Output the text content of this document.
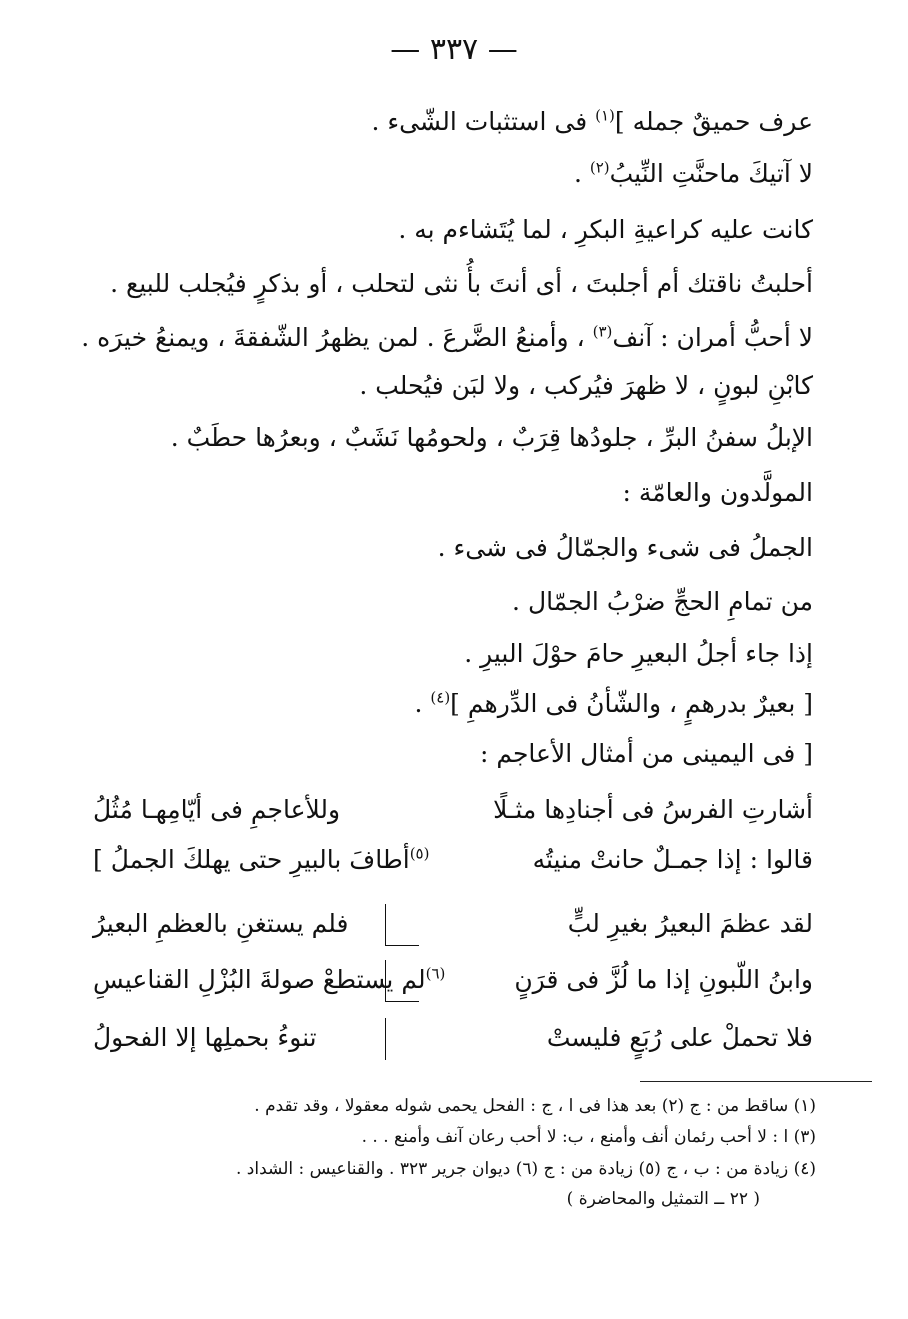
— ٣٣٧ —
عرف حميقٌ جمله ]$^{(١)}$ فى استثبات الشّىء .
لا آتيكَ ماحنَّتِ النِّيبُ$^{(٢)}$ .
كانت عليه كراعيةِ البكرِ ، لما يُتَشاءم به .
أحلبتُ ناقتك أم أجلبتَ ، أى أنتَ بأُ نثى لتحلب ، أو بذكرٍ فيُجلب للبيع .
لا أحبُّ أمران : آنف$^{(٣)}$ ، وأمنعُ الضَّرعَ . لمن يظهرُ الشّفقةَ ، ويمنعُ خيرَه .
كابْنِ لبونٍ ، لا ظهرَ فيُركب ، ولا لبَن فيُحلب .
الإبلُ سفنُ البرِّ ، جلودُها قِرَبٌ ، ولحومُها نَشَبٌ ، وبعرُها حطَبٌ .
المولَّدون والعامّة :
الجملُ فى شىء والجمّالُ فى شىء .
من تمامِ الحجِّ ضرْبُ الجمّال .
إذا جاء أجلُ البعيرِ حامَ حوْلَ البيرِ .
[ بعيرٌ بدرهمٍ ، والشّأنُ فى الدِّرهمِ ]$^{(٤)}$ .
[ فى اليمينى من أمثال الأعاجم :
أشارتِ الفرسُ فى أجنادِها مثـلًا
وللأعاجمِ فى أيّامِهـا مُثُلُ
قالوا : إذا جمـلٌ حانتْ منيتُه
$^{(٥)}$أطافَ بالبيرِ حتى يهلكَ الجملُ ]
لقد عظمَ البعيرُ بغيرِ لبٍّ
فلم يستغنِ بالعظمِ البعيرُ
وابنُ اللّبونِ إذا ما لُزَّ فى قرَنٍ
$^{(٦)}$لم يستطعْ صولةَ البُزْلِ القناعيسِ
فلا تحملْ على رُبَعٍ فليستْ
تنوءُ بحملِها إلا الفحولُ
(١) ساقط من : ج (٢) بعد هذا فى ا ، ج : الفحل يحمى شوله معقولا ، وقد تقدم .
(٣) ا : لا أحب رئمان أنف وأمنع ، ب: لا أحب رعان آنف وأمنع . . .
(٤) زيادة من : ب ، ج (٥) زيادة من : ج (٦) ديوان جرير ٣٢٣ . والقناعيس : الشداد .
( ٢٢ ــ التمثيل والمحاضرة )
